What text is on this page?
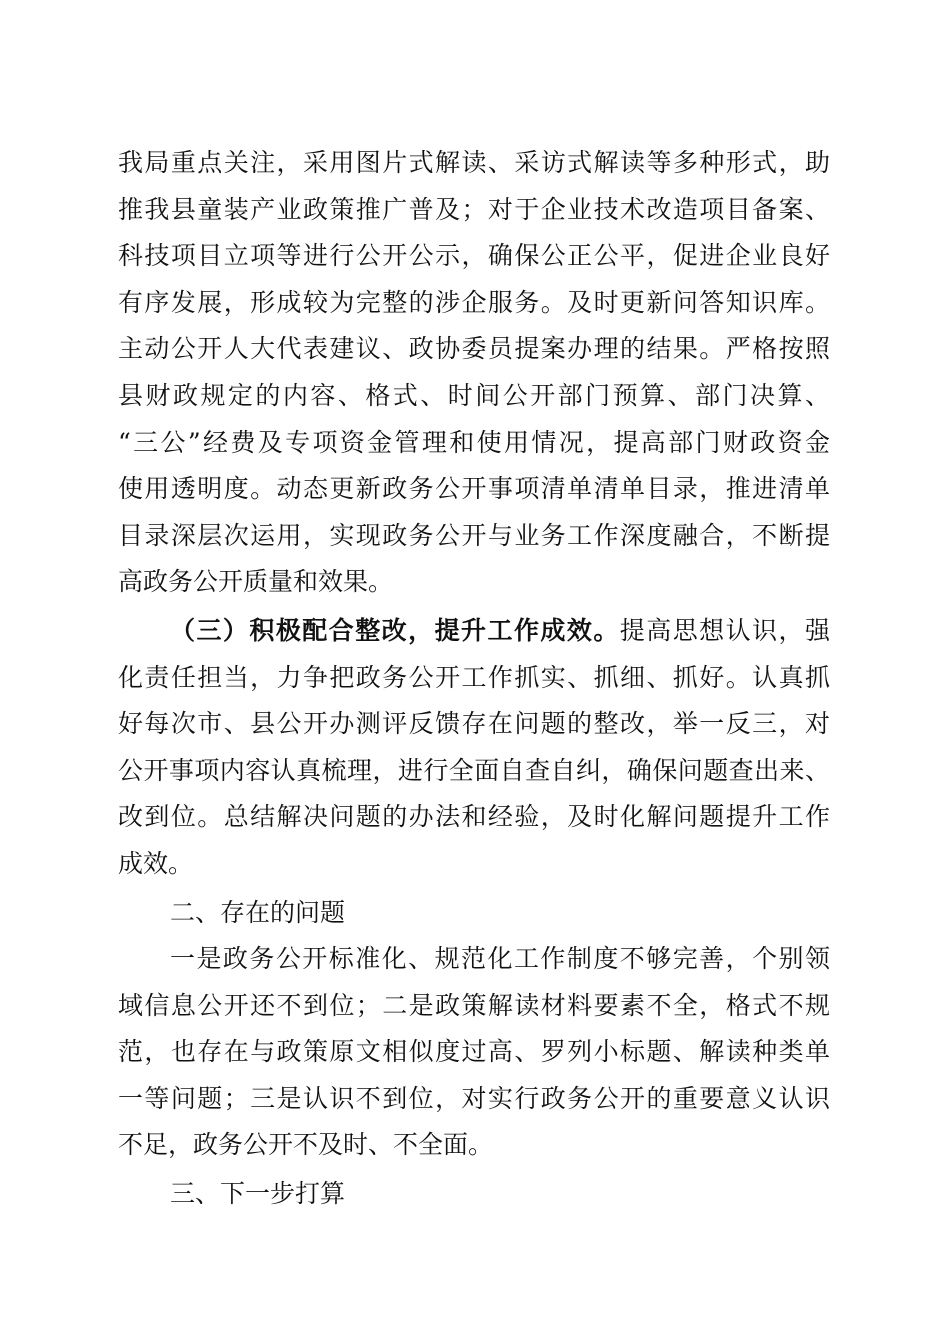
我局重点关注，采用图片式解读、采访式解读等多种形式，助
推我县童装产业政策推广普及；对于企业技术改造项目备案、
科技项目立项等进行公开公示，确保公正公平，促进企业良好
有序发展，形成较为完整的涉企服务。及时更新问答知识库。
主动公开人大代表建议、政协委员提案办理的结果。严格按照
县财政规定的内容、格式、时间公开部门预算、部门决算、
“三公”经费及专项资金管理和使用情况，提高部门财政资金
使用透明度。动态更新政务公开事项清单清单目录，推进清单
目录深层次运用，实现政务公开与业务工作深度融合，不断提
高政务公开质量和效果。
（三）积极配合整改，提升工作成效。提高思想认识，强
化责任担当，力争把政务公开工作抓实、抓细、抓好。认真抓
好每次市、县公开办测评反馈存在问题的整改，举一反三，对
公开事项内容认真梳理，进行全面自查自纠，确保问题查出来、
改到位。总结解决问题的办法和经验，及时化解问题提升工作
成效。
二、存在的问题
一是政务公开标准化、规范化工作制度不够完善，个别领
域信息公开还不到位；二是政策解读材料要素不全，格式不规
范，也存在与政策原文相似度过高、罗列小标题、解读种类单
一等问题；三是认识不到位，对实行政务公开的重要意义认识
不足，政务公开不及时、不全面。
三、下一步打算
